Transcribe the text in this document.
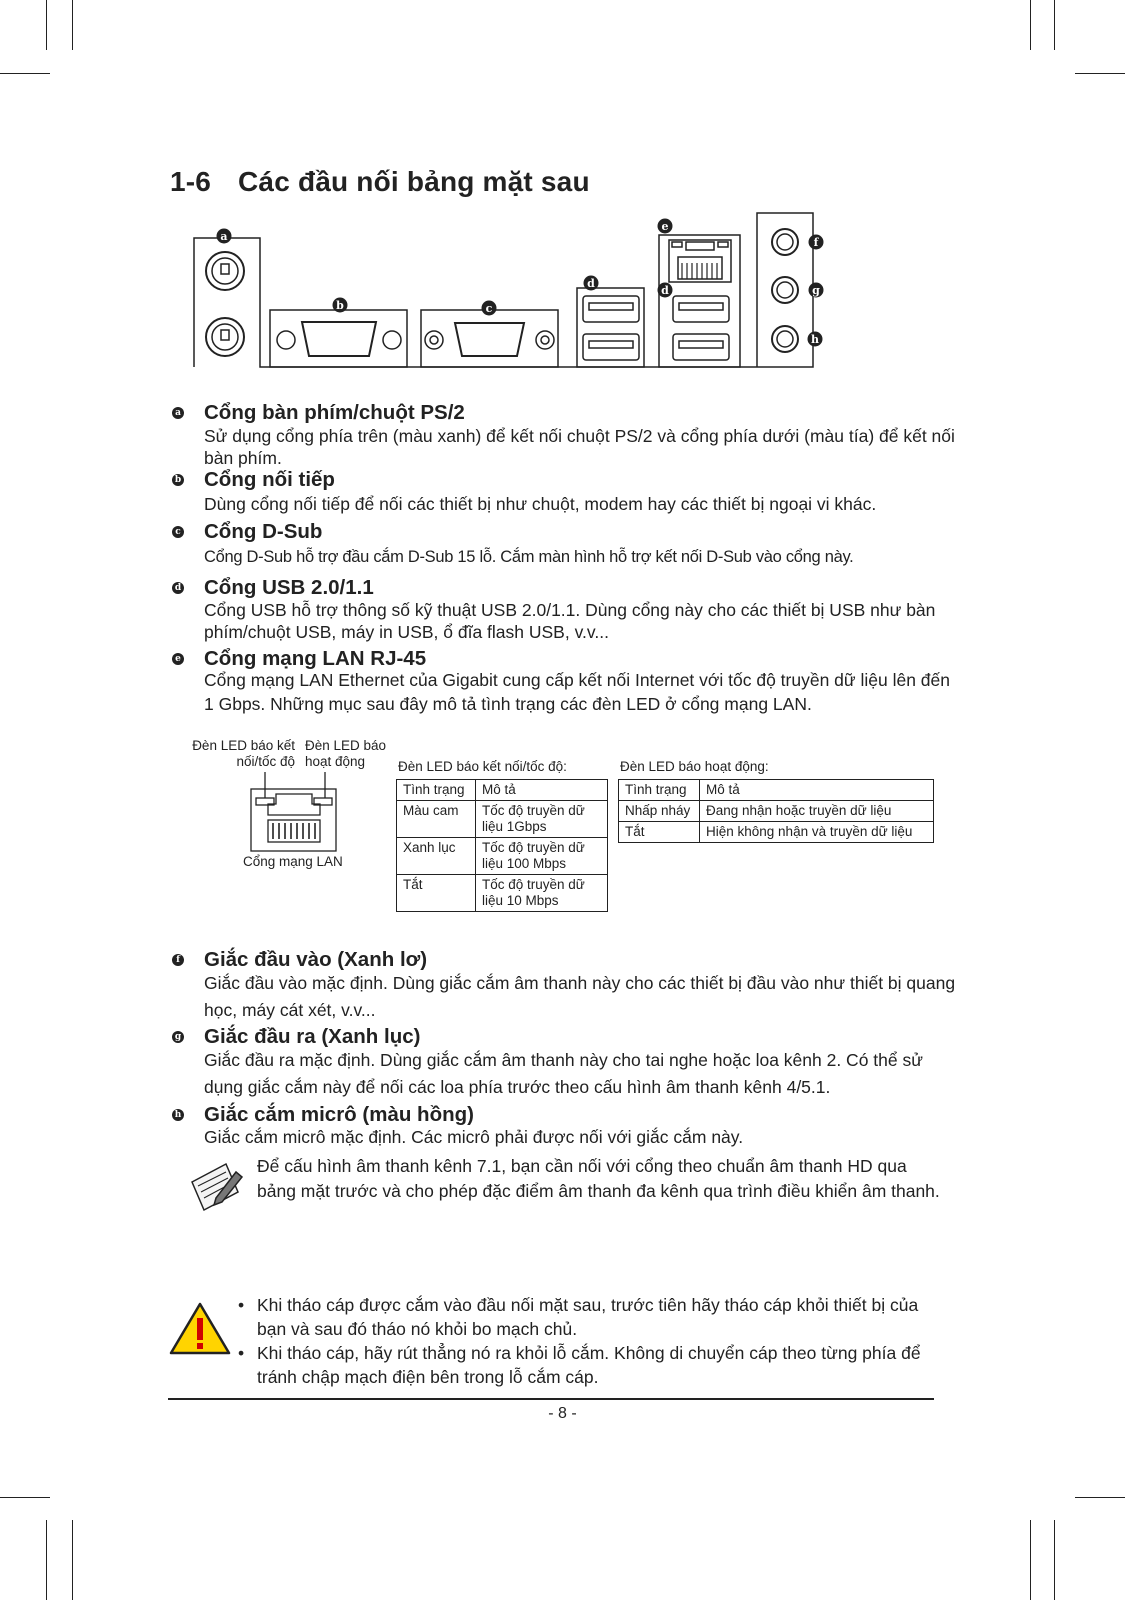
1-6 Các đầu nối bảng mặt sau
a
b	c
d
d
e
f
g
h
a Cổng bàn phím/chuột PS/2
Sử dụng cổng phía trên (màu xanh) để kết nối chuột PS/2 và cổng phía dưới (màu tía) để kết nối bàn phím.
b Cổng nối tiếp
Dùng cổng nối tiếp để nối các thiết bị như chuột, modem hay các thiết bị ngoại vi khác.
c Cổng D-Sub
Cổng D-Sub hỗ trợ đầu cắm D-Sub 15 lỗ. Cắm màn hình hỗ trợ kết nối D-Sub vào cổng này.
d Cổng USB 2.0/1.1
Cổng USB hỗ trợ thông số kỹ thuật USB 2.0/1.1. Dùng cổng này cho các thiết bị USB như bàn phím/chuột USB, máy in USB, ổ đĩa flash USB, v.v...
e Cổng mạng LAN RJ-45
Cổng mạng LAN Ethernet của Gigabit cung cấp kết nối Internet với tốc độ truyền dữ liệu lên đến 1 Gbps. Những mục sau đây mô tả tình trạng các đèn LED ở cổng mạng LAN.
Đèn LED báo kết
nối/tốc độ
Đèn LED báo
hoạt động
Cổng mạng LAN
Đèn LED báo kết nối/tốc độ:
Tình trạng	Mô tả
Màu cam	Tốc độ truyền dữ liệu 1Gbps
Xanh lục	Tốc độ truyền dữ liệu 100 Mbps
Tắt	Tốc độ truyền dữ liệu 10 Mbps
Đèn LED báo hoạt động:
Tình trạng	Mô tả
Nhấp nháy	Đang nhận hoặc truyền dữ liệu
Tắt	Hiện không nhận và truyền dữ liệu
f Giắc đầu vào (Xanh lơ)
Giắc đầu vào mặc định. Dùng giắc cắm âm thanh này cho các thiết bị đầu vào như thiết bị quang học, máy cát xét, v.v...
g Giắc đầu ra (Xanh lục)
Giắc đầu ra mặc định. Dùng giắc cắm âm thanh này cho tai nghe hoặc loa kênh 2. Có thể sử dụng giắc cắm này để nối các loa phía trước theo cấu hình âm thanh kênh 4/5.1.
h Giắc cắm micrô (màu hồng)
Giắc cắm micrô mặc định. Các micrô phải được nối với giắc cắm này.
Để cấu hình âm thanh kênh 7.1, bạn cần nối với cổng theo chuẩn âm thanh HD qua bảng mặt trước và cho phép đặc điểm âm thanh đa kênh qua trình điều khiển âm thanh.
• Khi tháo cáp được cắm vào đầu nối mặt sau, trước tiên hãy tháo cáp khỏi thiết bị của bạn và sau đó tháo nó khỏi bo mạch chủ.
• Khi tháo cáp, hãy rút thẳng nó ra khỏi lỗ cắm. Không di chuyển cáp theo từng phía để tránh chập mạch điện bên trong lỗ cắm cáp.
- 8 -
